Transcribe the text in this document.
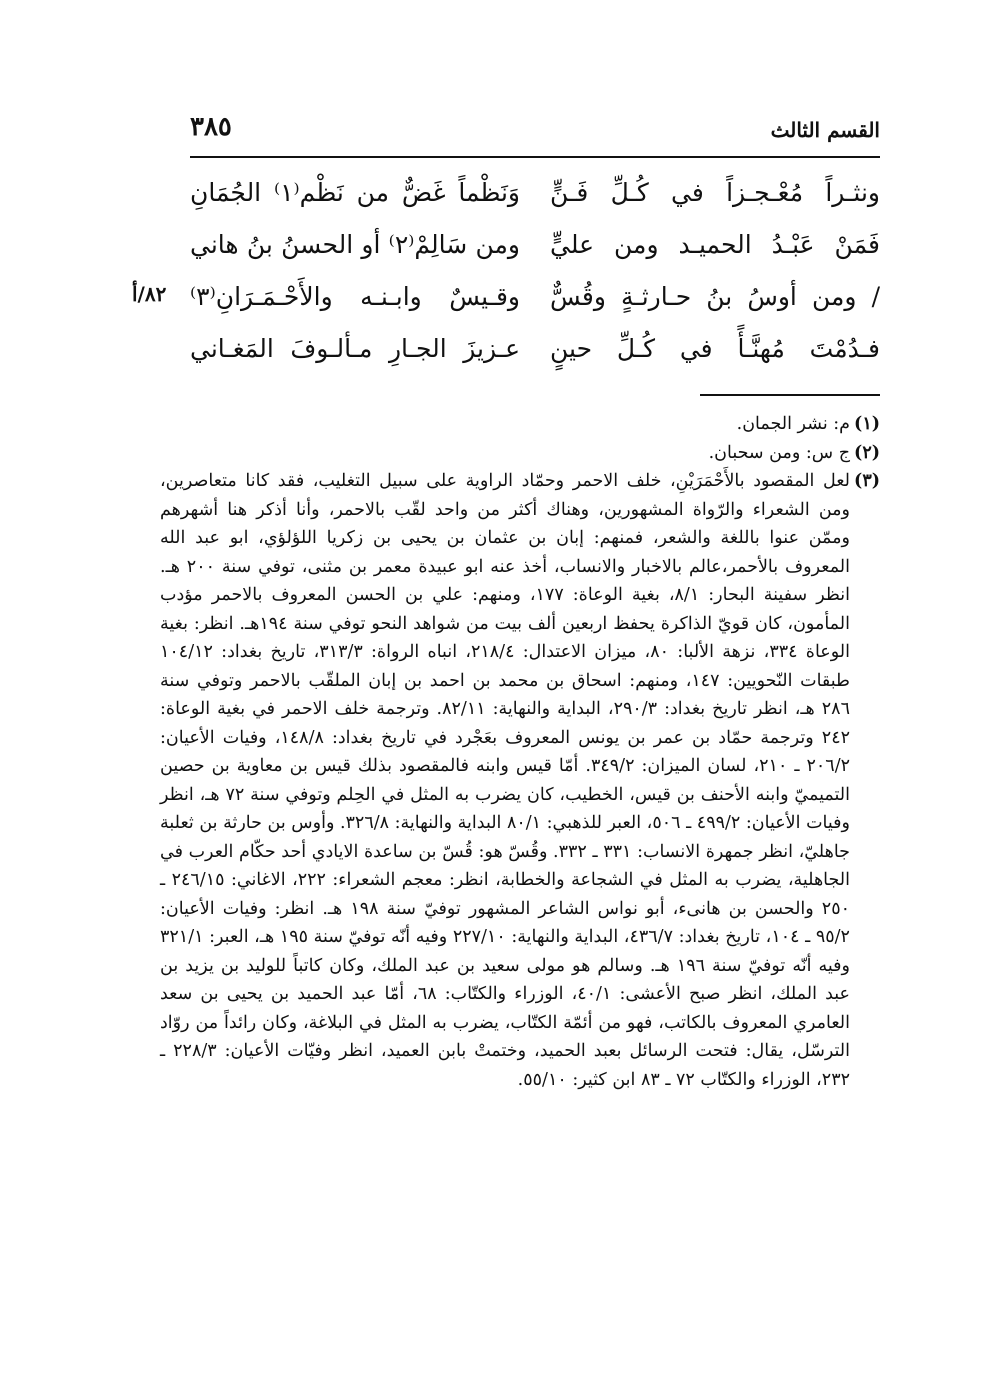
القسم الثالث
٣٨٥
ونثـراً مُعْـجـزاً في كُـلِّ فَـنٍّ
وَنَظْماً غَضٌّ من نَظْم⁽١⁾ الجُمَانِ
فَمَنْ عَبْـدُ الحميـد ومن عليٍّ
ومن سَالِمْ⁽٢⁾ أو الحسنُ بنُ هاني
/ ومن أوسُ بنُ حـارثـةٍ وقُسٌّ
وقـيسٌ وابـنـه والأَحْـمَـرَانِ⁽٣⁾
فـدُمْتَ مُهنَّـأً في كُـلِّ حينٍ
عـزيزَ الجـارِ مـألـوفَ المَغـاني
٨٢/أ
(١)
م: نشر الجمان.
(٢)
ج س: ومن سحبان.
(٣)
لعل المقصود بالأَحْمَرَيْنِ، خلف الاحمر وحمّاد الراوية على سبيل التغليب، فقد كانا متعاصرين، ومن الشعراء والرّواة المشهورين، وهناك أكثر من واحد لقّب بالاحمر، وأنا أذكر هنا أشهرهم وممّن عنوا باللغة والشعر، فمنهم: إبان بن عثمان بن يحيى بن زكريا اللؤلؤي، ابو عبد الله المعروف بالأحمر،عالم بالاخبار والانساب، أخذ عنه ابو عبيدة معمر بن مثنى، توفي سنة ٢٠٠ هـ. انظر سفينة البحار: ٨/١، بغية الوعاة: ١٧٧، ومنهم: علي بن الحسن المعروف بالاحمر مؤدب المأمون، كان قويّ الذاكرة يحفظ اربعين ألف بيت من شواهد النحو توفي سنة ١٩٤هـ. انظر: بغية الوعاة ٣٣٤، نزهة الألبا: ٨٠، ميزان الاعتدال: ٢١٨/٤، انباه الرواة: ٣١٣/٣، تاريخ بغداد: ١٠٤/١٢ طبقات النّحويين: ١٤٧، ومنهم: اسحاق بن محمد بن احمد بن إبان الملقّب بالاحمر وتوفي سنة ٢٨٦ هـ، انظر تاريخ بغداد: ٢٩٠/٣، البداية والنهاية: ٨٢/١١. وترجمة خلف الاحمر في بغية الوعاة: ٢٤٢ وترجمة حمّاد بن عمر بن يونس المعروف بعَجْرد في تاريخ بغداد: ١٤٨/٨، وفيات الأعيان: ٢٠٦/٢ ـ ٢١٠، لسان الميزان: ٣٤٩/٢. أمّا قيس وابنه فالمقصود بذلك قيس بن معاوية بن حصين التميميّ وابنه الأحنف بن قيس، الخطيب، كان يضرب به المثل في الحِلم وتوفي سنة ٧٢ هـ، انظر وفيات الأعيان: ٤٩٩/٢ ـ ٥٠٦، العبر للذهبي: ٨٠/١ البداية والنهاية: ٣٢٦/٨. وأوس بن حارثة بن ثعلبة جاهليّ، انظر جمهرة الانساب: ٣٣١ ـ ٣٣٢. وقُسّ هو: قُسّ بن ساعدة الايادي أحد حكّام العرب في الجاهلية، يضرب به المثل في الشجاعة والخطابة، انظر: معجم الشعراء: ٢٢٢، الاغاني: ٢٤٦/١٥ ـ ٢٥٠ والحسن بن هانىء، أبو نواس الشاعر المشهور توفيّ سنة ١٩٨ هـ. انظر: وفيات الأعيان: ٩٥/٢ ـ ١٠٤، تاريخ بغداد: ٤٣٦/٧، البداية والنهاية: ٢٢٧/١٠ وفيه أنّه توفيّ سنة ١٩٥ هـ، العبر: ٣٢١/١ وفيه أنّه توفيّ سنة ١٩٦ هـ. وسالم هو مولى سعيد بن عبد الملك، وكان كاتباً للوليد بن يزيد بن عبد الملك، انظر صبح الأعشى: ٤٠/١، الوزراء والكتّاب: ٦٨، أمّا عبد الحميد بن يحيى بن سعد العامري المعروف بالكاتب، فهو من أئمّة الكتّاب، يضرب به المثل في البلاغة، وكان رائداً من روّاد الترسّل، يقال: فتحت الرسائل بعبد الحميد، وختمتْ بابن العميد، انظر وفيّات الأعيان: ٢٢٨/٣ ـ ٢٣٢، الوزراء والكتّاب ٧٢ ـ ٨٣ ابن كثير: ٥٥/١٠.
